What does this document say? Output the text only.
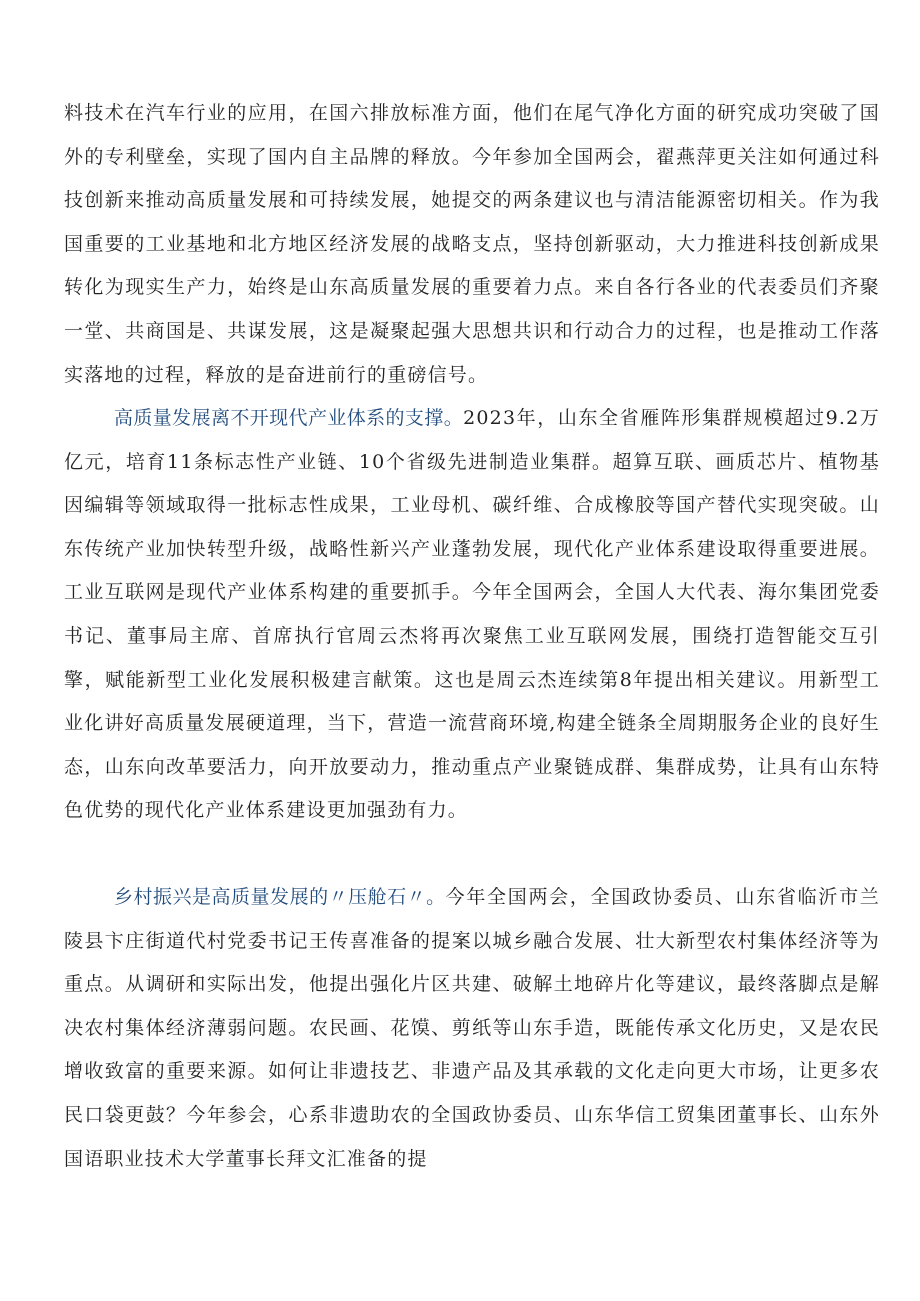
料技术在汽车行业的应用，在国六排放标准方面，他们在尾气净化方面的研究成功突破了国外的专利壁垒，实现了国内自主品牌的释放。今年参加全国两会，翟燕萍更关注如何通过科技创新来推动高质量发展和可持续发展，她提交的两条建议也与清洁能源密切相关。作为我国重要的工业基地和北方地区经济发展的战略支点，坚持创新驱动，大力推进科技创新成果转化为现实生产力，始终是山东高质量发展的重要着力点。来自各行各业的代表委员们齐聚一堂、共商国是、共谋发展，这是凝聚起强大思想共识和行动合力的过程，也是推动工作落实落地的过程，释放的是奋进前行的重磅信号。

高质量发展离不开现代产业体系的支撑。2023年，山东全省雁阵形集群规模超过9.2万亿元，培育11条标志性产业链、10个省级先进制造业集群。超算互联、画质芯片、植物基因编辑等领域取得一批标志性成果，工业母机、碳纤维、合成橡胶等国产替代实现突破。山东传统产业加快转型升级，战略性新兴产业蓬勃发展，现代化产业体系建设取得重要进展。工业互联网是现代产业体系构建的重要抓手。今年全国两会，全国人大代表、海尔集团党委书记、董事局主席、首席执行官周云杰将再次聚焦工业互联网发展，围绕打造智能交互引擎，赋能新型工业化发展积极建言献策。这也是周云杰连续第8年提出相关建议。用新型工业化讲好高质量发展硬道理，当下，营造一流营商环境,构建全链条全周期服务企业的良好生态，山东向改革要活力，向开放要动力，推动重点产业聚链成群、集群成势，让具有山东特色优势的现代化产业体系建设更加强劲有力。

乡村振兴是高质量发展的〃压舱石〃。今年全国两会，全国政协委员、山东省临沂市兰陵县卞庄街道代村党委书记王传喜准备的提案以城乡融合发展、壮大新型农村集体经济等为重点。从调研和实际出发，他提出强化片区共建、破解土地碎片化等建议，最终落脚点是解决农村集体经济薄弱问题。农民画、花馍、剪纸等山东手造，既能传承文化历史，又是农民增收致富的重要来源。如何让非遗技艺、非遗产品及其承载的文化走向更大市场，让更多农民口袋更鼓？今年参会，心系非遗助农的全国政协委员、山东华信工贸集团董事长、山东外国语职业技术大学董事长拜文汇准备的提
